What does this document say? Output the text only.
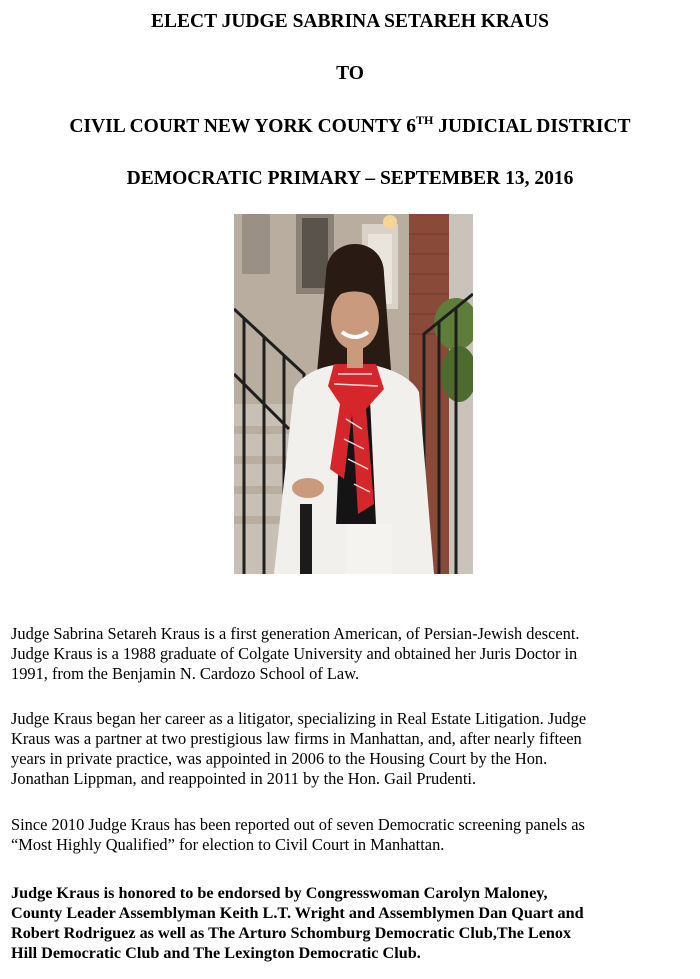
ELECT JUDGE SABRINA SETAREH KRAUS
TO
CIVIL COURT NEW YORK COUNTY 6TH JUDICIAL DISTRICT
DEMOCRATIC PRIMARY – SEPTEMBER 13, 2016

Judge Sabrina Setareh Kraus is a first generation American, of Persian-Jewish descent.
Judge Kraus is a 1988 graduate of Colgate University and obtained her Juris Doctor in
1991, from the Benjamin N. Cardozo School of Law.

Judge Kraus began her career as a litigator, specializing in Real Estate Litigation. Judge
Kraus was a partner at two prestigious law firms in Manhattan, and, after nearly fifteen
years in private practice, was appointed in 2006 to the Housing Court by the Hon.
Jonathan Lippman, and reappointed in 2011 by the Hon. Gail Prudenti.

Since 2010 Judge Kraus has been reported out of seven Democratic screening panels as
“Most Highly Qualified” for election to Civil Court in Manhattan.

Judge Kraus is honored to be endorsed by Congresswoman Carolyn Maloney,
County Leader Assemblyman Keith L.T. Wright and Assemblymen Dan Quart and
Robert Rodriguez as well as The Arturo Schomburg Democratic Club,The Lenox
Hill Democratic Club and The Lexington Democratic Club.
